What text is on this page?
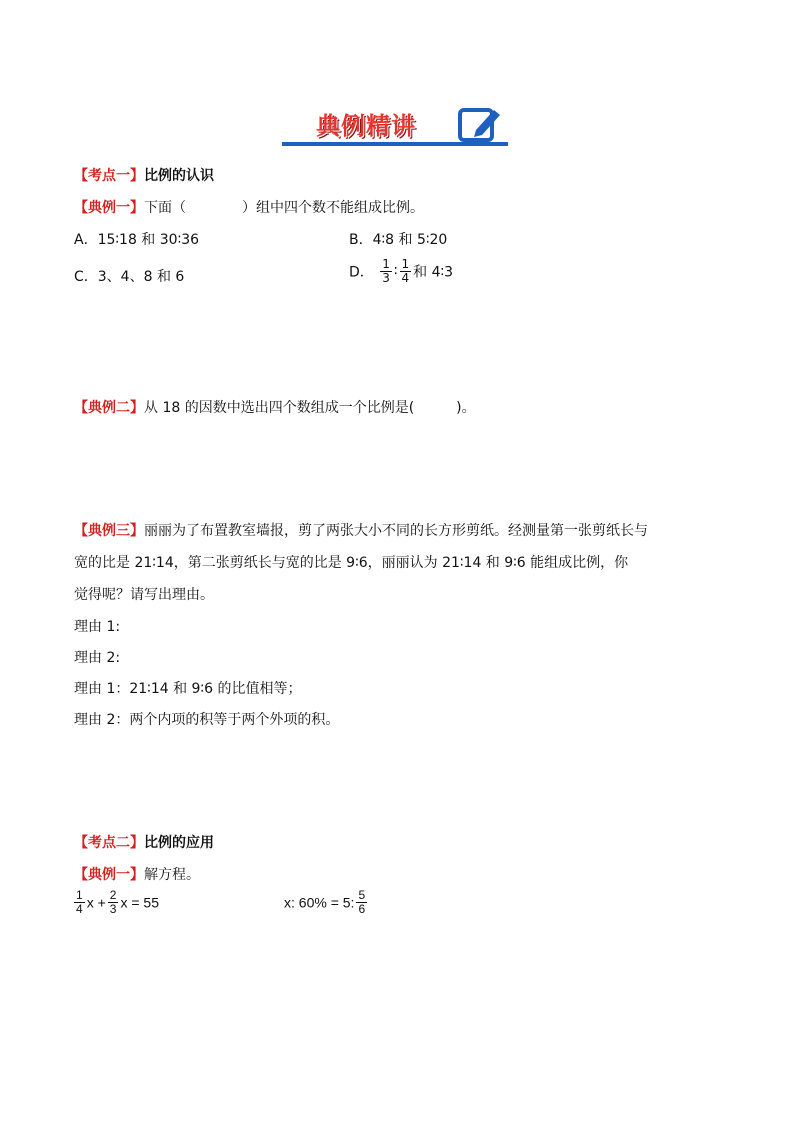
典例精讲
【考点一】比例的认识
【典例一】下面（　　　　）组中四个数不能组成比例。
A．15∶18 和 30∶36	B．4∶8 和 5∶20
C．3、4、8 和 6	D． $\frac{1}{3}$ ∶ $\frac{1}{4}$ 和 4∶3
【典例二】从 18 的因数中选出四个数组成一个比例是(　　　)。
【典例三】丽丽为了布置教室墙报，剪了两张大小不同的长方形剪纸。经测量第一张剪纸长与
宽的比是 21∶14，第二张剪纸长与宽的比是 9∶6，丽丽认为 21∶14 和 9∶6 能组成比例，你
觉得呢？请写出理由。
理由 1:
理由 2:
理由 1：21∶14 和 9∶6 的比值相等；
理由 2：两个内项的积等于两个外项的积。
【考点二】比例的应用
【典例一】解方程。
$\frac{1}{4}$ $x + \frac{2}{3}$ x = 55	x: 60% = 5: $\frac{5}{6}$
